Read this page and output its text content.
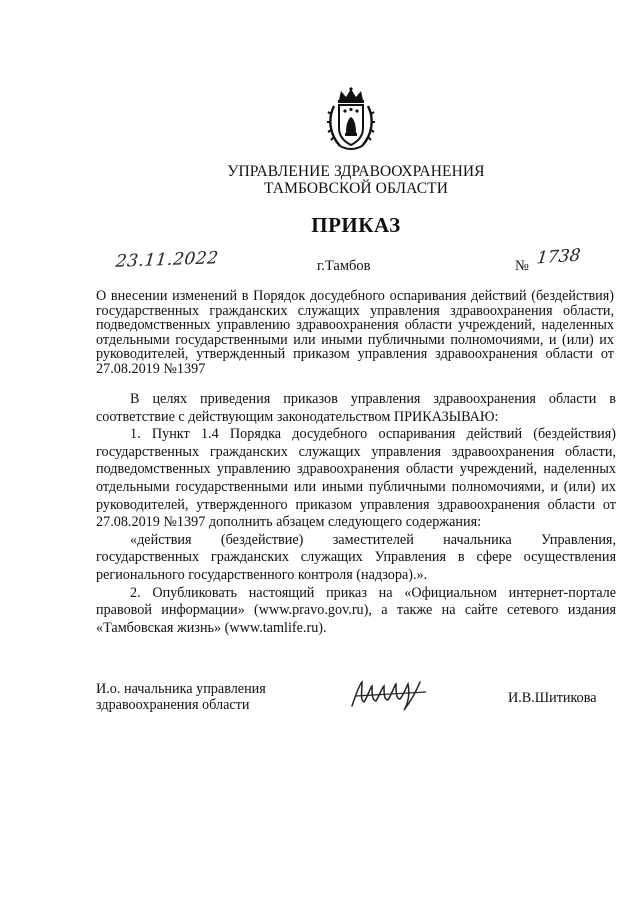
УПРАВЛЕНИЕ ЗДРАВООХРАНЕНИЯ
ТАМБОВСКОЙ ОБЛАСТИ
ПРИКАЗ
23.11.2022	г.Тамбов	№ 1738
О внесении изменений в Порядок досудебного оспаривания действий (бездействия) государственных гражданских служащих управления здравоохранения области, подведомственных управлению здравоохранения области учреждений, наделенных отдельными государственными или иными публичными полномочиями, и (или) их руководителей, утвержденный приказом управления здравоохранения области от 27.08.2019 №1397

В целях приведения приказов управления здравоохранения области в соответствие с действующим законодательством ПРИКАЗЫВАЮ:

1. Пункт 1.4 Порядка досудебного оспаривания действий (бездействия) государственных гражданских служащих управления здравоохранения области, подведомственных управлению здравоохранения области учреждений, наделенных отдельными государственными или иными публичными полномочиями, и (или) их руководителей, утвержденного приказом управления здравоохранения области от 27.08.2019 №1397 дополнить абзацем следующего содержания:

«действия (бездействие) заместителей начальника Управления, государственных гражданских служащих Управления в сфере осуществления регионального государственного контроля (надзора).».

2. Опубликовать настоящий приказ на «Официальном интернет-портале правовой информации» (www.pravo.gov.ru), а также на сайте сетевого издания «Тамбовская жизнь» (www.tamlife.ru).

И.о. начальника управления
здравоохранения области	И.В.Шитикова
